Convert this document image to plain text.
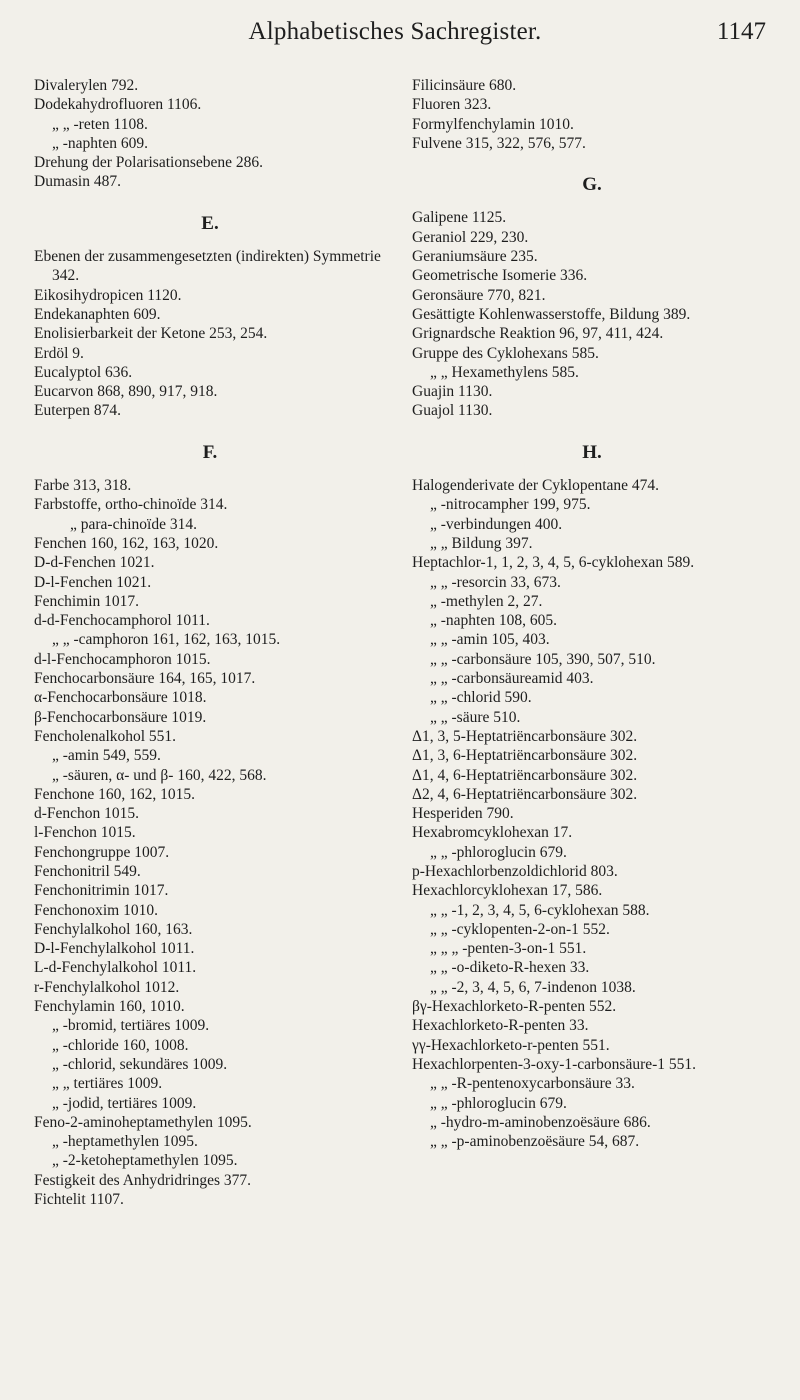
Alphabetisches Sachregister.	1147
Divalerylen 792.
Dodekahydrofluoren 1106.
„ „ -reten 1108.
„ -naphten 609.
Drehung der Polarisationsebene 286.
Dumasin 487.
E.
Ebenen der zusammengesetzten (indirekten) Symmetrie 342.
Eikosihydropicen 1120.
Endekanaphten 609.
Enolisierbarkeit der Ketone 253, 254.
Erdöl 9.
Eucalyptol 636.
Eucarvon 868, 890, 917, 918.
Euterpen 874.
F.
Farbe 313, 318.
Farbstoffe, ortho-chinoïde 314.
„ para-chinoïde 314.
Fenchen 160, 162, 163, 1020.
D-d-Fenchen 1021.
D-l-Fenchen 1021.
Fenchimin 1017.
d-d-Fenchocamphorol 1011.
„ „ -camphoron 161, 162, 163, 1015.
d-l-Fenchocamphoron 1015.
Fenchocarbonsäure 164, 165, 1017.
α-Fenchocarbonsäure 1018.
β-Fenchocarbonsäure 1019.
Fencholenalkohol 551.
„ -amin 549, 559.
„ -säuren, α- und β- 160, 422, 568.
Fenchone 160, 162, 1015.
d-Fenchon 1015.
l-Fenchon 1015.
Fenchongruppe 1007.
Fenchonitril 549.
Fenchonitrimin 1017.
Fenchonoxim 1010.
Fenchylalkohol 160, 163.
D-l-Fenchylalkohol 1011.
L-d-Fenchylalkohol 1011.
r-Fenchylalkohol 1012.
Fenchylamin 160, 1010.
„ -bromid, tertiäres 1009.
„ -chloride 160, 1008.
„ -chlorid, sekundäres 1009.
„ „ tertiäres 1009.
„ -jodid, tertiäres 1009.
Feno-2-aminoheptamethylen 1095.
„ -heptamethylen 1095.
„ -2-ketoheptamethylen 1095.
Festigkeit des Anhydridringes 377.
Fichtelit 1107.
Filicinsäure 680.
Fluoren 323.
Formylfenchylamin 1010.
Fulvene 315, 322, 576, 577.
G.
Galipene 1125.
Geraniol 229, 230.
Geraniumsäure 235.
Geometrische Isomerie 336.
Geronsäure 770, 821.
Gesättigte Kohlenwasserstoffe, Bildung 389.
Grignardsche Reaktion 96, 97, 411, 424.
Gruppe des Cyklohexans 585.
„ „ Hexamethylens 585.
Guajin 1130.
Guajol 1130.
H.
Halogenderivate der Cyklopentane 474.
„ -nitrocampher 199, 975.
„ -verbindungen 400.
„ „ Bildung 397.
Heptachlor-1, 1, 2, 3, 4, 5, 6-cyklohexan 589.
„ „ -resorcin 33, 673.
„ -methylen 2, 27.
„ -naphten 108, 605.
„ „ -amin 105, 403.
„ „ -carbonsäure 105, 390, 507, 510.
„ „ -carbonsäureamid 403.
„ „ -chlorid 590.
„ „ -säure 510.
Δ1, 3, 5-Heptatriëncarbonsäure 302.
Δ1, 3, 6-Heptatriëncarbonsäure 302.
Δ1, 4, 6-Heptatriëncarbonsäure 302.
Δ2, 4, 6-Heptatriëncarbonsäure 302.
Hesperiden 790.
Hexabromcyklohexan 17.
„ „ -phloroglucin 679.
p-Hexachlorbenzoldichlorid 803.
Hexachlorcyklohexan 17, 586.
„ „ -1, 2, 3, 4, 5, 6-cyklohexan 588.
„ „ -cyklopenten-2-on-1 552.
„ „ „ -penten-3-on-1 551.
„ „ -o-diketo-R-hexen 33.
„ „ -2, 3, 4, 5, 6, 7-indenon 1038.
βγ-Hexachlorketo-R-penten 552.
Hexachlorketo-R-penten 33.
γγ-Hexachlorketo-r-penten 551.
Hexachlorpenten-3-oxy-1-carbonsäure-1 551.
„ „ -R-pentenoxycarbonsäure 33.
„ „ -phloroglucin 679.
„ -hydro-m-aminobenzoësäure 686.
„ „ -p-aminobenzoësäure 54, 687.
